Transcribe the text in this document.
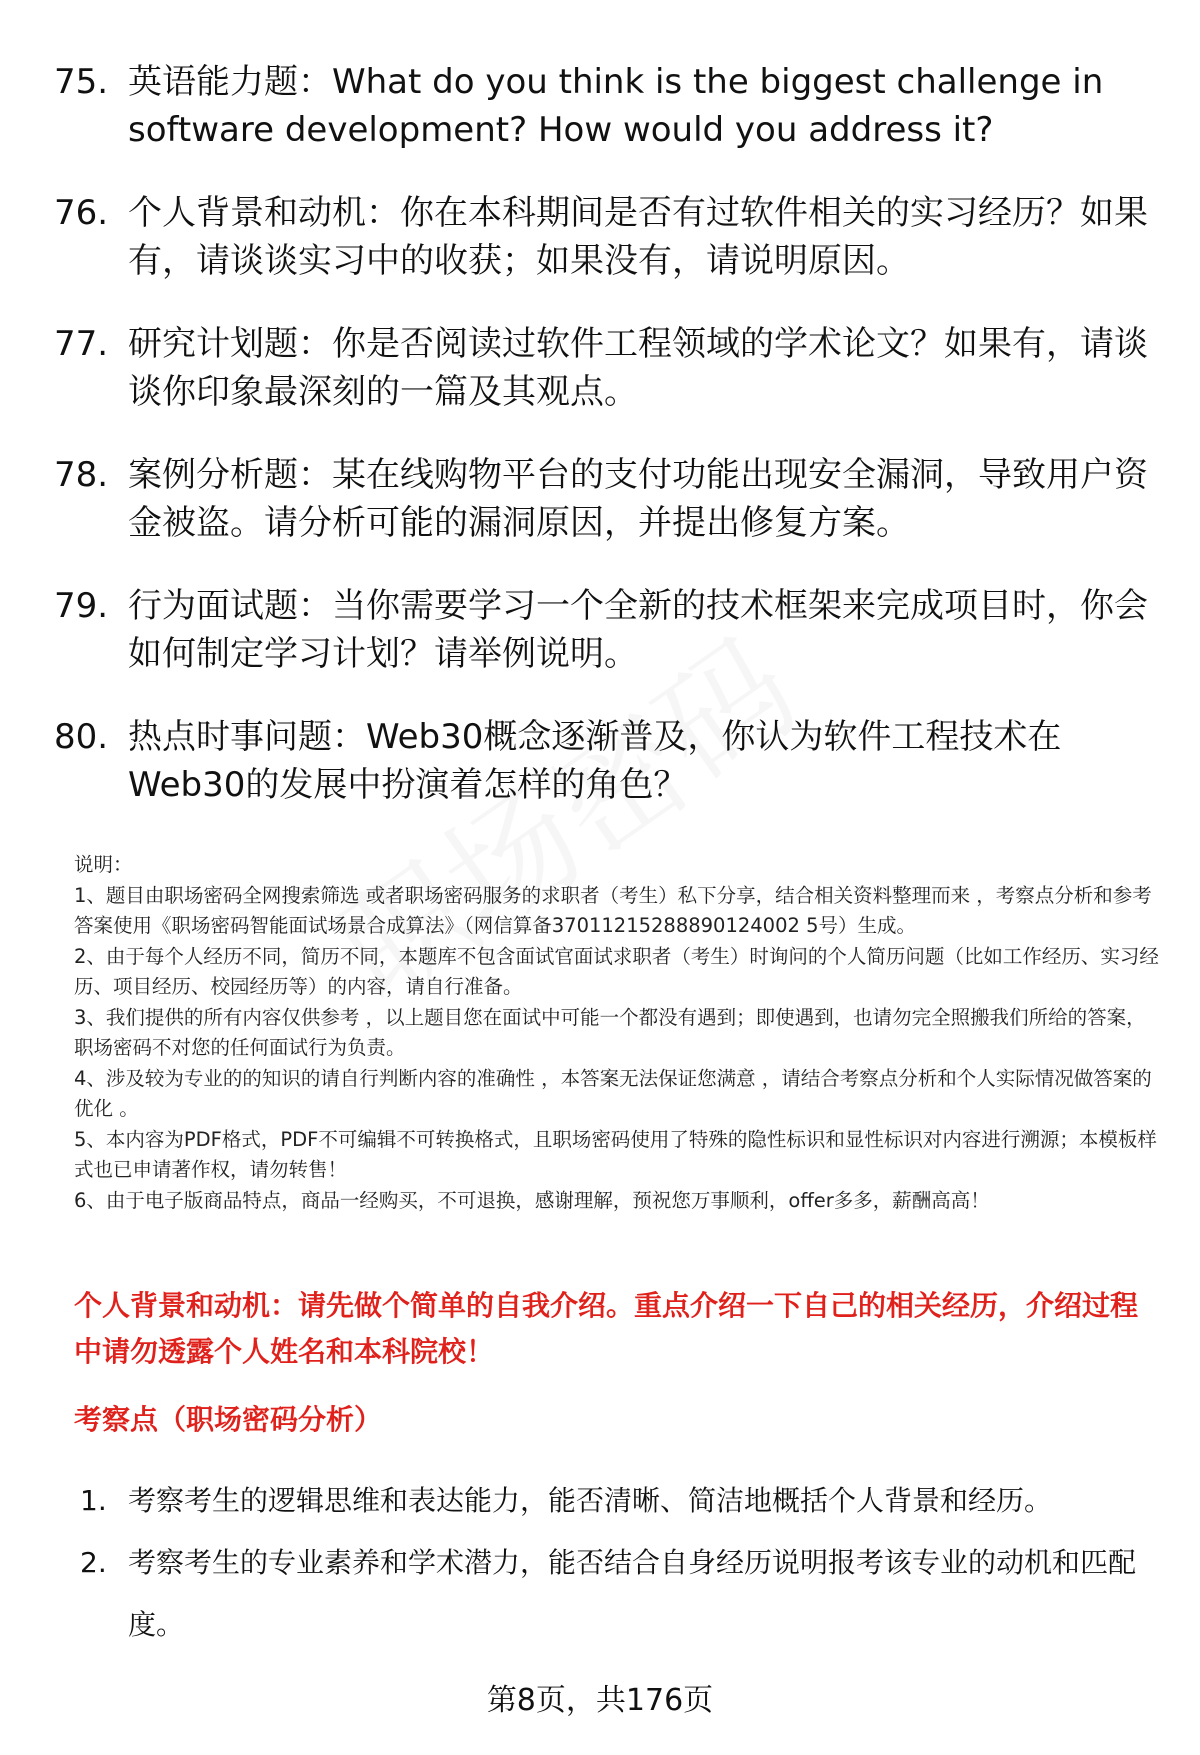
75. 英语能力题：What do you think is the biggest challenge in software development? How would you address it?
76. 个人背景和动机：你在本科期间是否有过软件相关的实习经历？如果有，请谈谈实习中的收获；如果没有，请说明原因。
77. 研究计划题：你是否阅读过软件工程领域的学术论文？如果有，请谈谈你印象最深刻的一篇及其观点。
78. 案例分析题：某在线购物平台的支付功能出现安全漏洞，导致用户资金被盗。请分析可能的漏洞原因，并提出修复方案。
79. 行为面试题：当你需要学习一个全新的技术框架来完成项目时，你会如何制定学习计划？请举例说明。
80. 热点时事问题：Web30概念逐渐普及，你认为软件工程技术在Web30的发展中扮演着怎样的角色？

说明：

1、题目由职场密码全网搜索筛选 或者职场密码服务的求职者（考生）私下分享，结合相关资料整理而来 ，考察点分析和参考答案使用《职场密码智能面试场景合成算法》（网信算备37011215288890124002 5号）生成。

2、由于每个人经历不同，简历不同，本题库不包含面试官面试求职者（考生）时询问的个人简历问题（比如工作经历、实习经历、项目经历、校园经历等）的内容，请自行准备。

3、我们提供的所有内容仅供参考 ，以上题目您在面试中可能一个都没有遇到；即使遇到，也请勿完全照搬我们所给的答案，职场密码不对您的任何面试行为负责。

4、涉及较为专业的的知识的请自行判断内容的准确性 ，本答案无法保证您满意 ，请结合考察点分析和个人实际情况做答案的优化 。

5、本内容为PDF格式，PDF不可编辑不可转换格式，且职场密码使用了特殊的隐性标识和显性标识对内容进行溯源；本模板样式也已申请著作权，请勿转售！

6、由于电子版商品特点，商品一经购买，不可退换，感谢理解，预祝您万事顺利，offer多多，薪酬高高！

个人背景和动机：请先做个简单的自我介绍。重点介绍一下自己的相关经历，介绍过程中请勿透露个人姓名和本科院校！
考察点（职场密码分析）
1. 考察考生的逻辑思维和表达能力，能否清晰、简洁地概括个人背景和经历。
2. 考察考生的专业素养和学术潜力，能否结合自身经历说明报考该专业的动机和匹配度。
第8页，共176页
